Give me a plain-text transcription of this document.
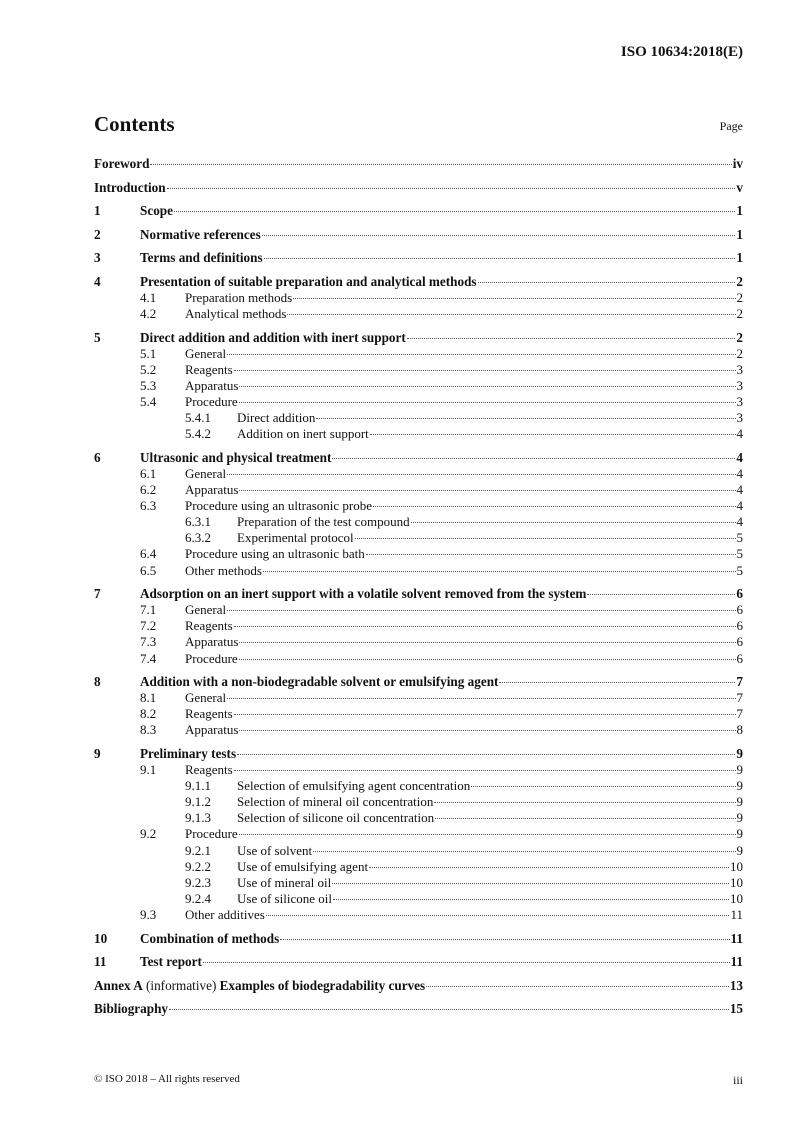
ISO 10634:2018(E)
Contents	Page
Foreword	iv
Introduction	v
1	Scope	1
2	Normative references	1
3	Terms and definitions	1
4	Presentation of suitable preparation and analytical methods	2
4.1	Preparation methods	2
4.2	Analytical methods	2
5	Direct addition and addition with inert support	2
5.1	General	2
5.2	Reagents	3
5.3	Apparatus	3
5.4	Procedure	3
5.4.1	Direct addition	3
5.4.2	Addition on inert support	4
6	Ultrasonic and physical treatment	4
6.1	General	4
6.2	Apparatus	4
6.3	Procedure using an ultrasonic probe	4
6.3.1	Preparation of the test compound	4
6.3.2	Experimental protocol	5
6.4	Procedure using an ultrasonic bath	5
6.5	Other methods	5
7	Adsorption on an inert support with a volatile solvent removed from the system	6
7.1	General	6
7.2	Reagents	6
7.3	Apparatus	6
7.4	Procedure	6
8	Addition with a non-biodegradable solvent or emulsifying agent	7
8.1	General	7
8.2	Reagents	7
8.3	Apparatus	8
9	Preliminary tests	9
9.1	Reagents	9
9.1.1	Selection of emulsifying agent concentration	9
9.1.2	Selection of mineral oil concentration	9
9.1.3	Selection of silicone oil concentration	9
9.2	Procedure	9
9.2.1	Use of solvent	9
9.2.2	Use of emulsifying agent	10
9.2.3	Use of mineral oil	10
9.2.4	Use of silicone oil	10
9.3	Other additives	11
10	Combination of methods	11
11	Test report	11
Annex A (informative) Examples of biodegradability curves	13
Bibliography	15
© ISO 2018 – All rights reserved	iii
